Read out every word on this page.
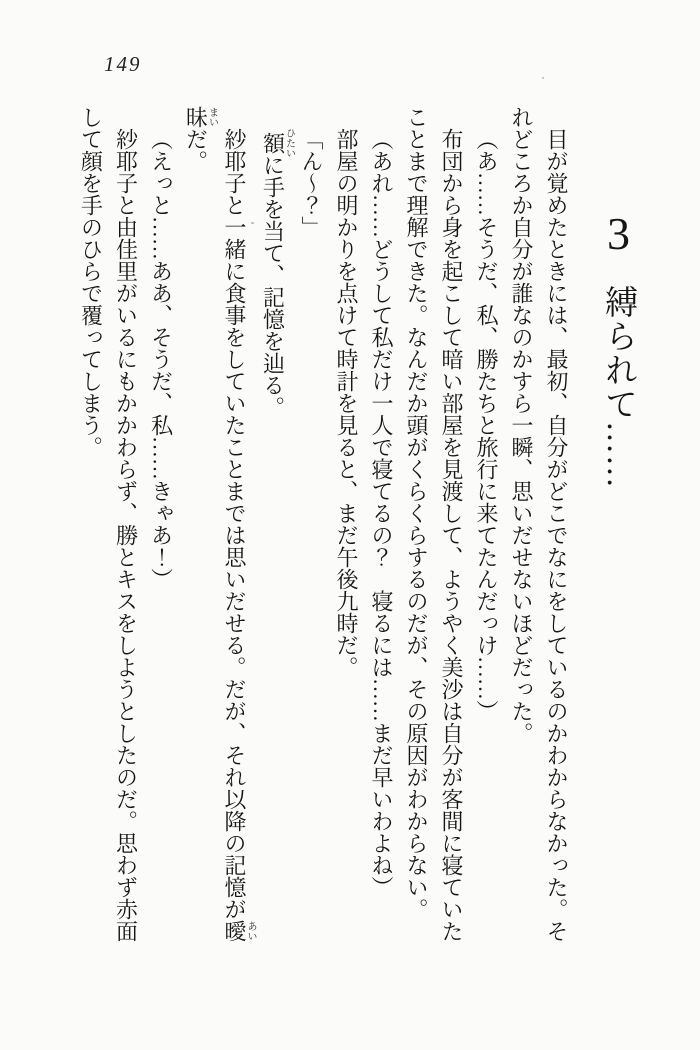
149
3縛られて……
目が覚めたときには、最初、自分がどこでなにをしているのかわからなかった。そ
れどころか自分が誰なのかすら一瞬、思いだせないほどだった。
（あ……そうだ、私、勝たちと旅行に来てたんだっけ……）
布団から身を起こして暗い部屋を見渡して、ようやく美沙は自分が客間に寝ていた
ことまで理解できた。なんだか頭がくらくらするのだが、その原因がわからない。
（あれ……どうして私だけ一人で寝てるの？　寝るには……まだ早いわよね）
部屋の明かりを点けて時計を見ると、まだ午後九時だ。
「ん〜？」
額ひたいに手を当て、記憶を辿る。
紗耶子と一緒に食事をしていたことまでは思いだせる。だが、それ以降の記憶が曖あい
昧まいだ。
（えっと……ああ、そうだ、私……きゃあ！）
紗耶子と由佳里がいるにもかかわらず、勝とキスをしようとしたのだ。思わず赤面
して顔を手のひらで覆ってしまう。
